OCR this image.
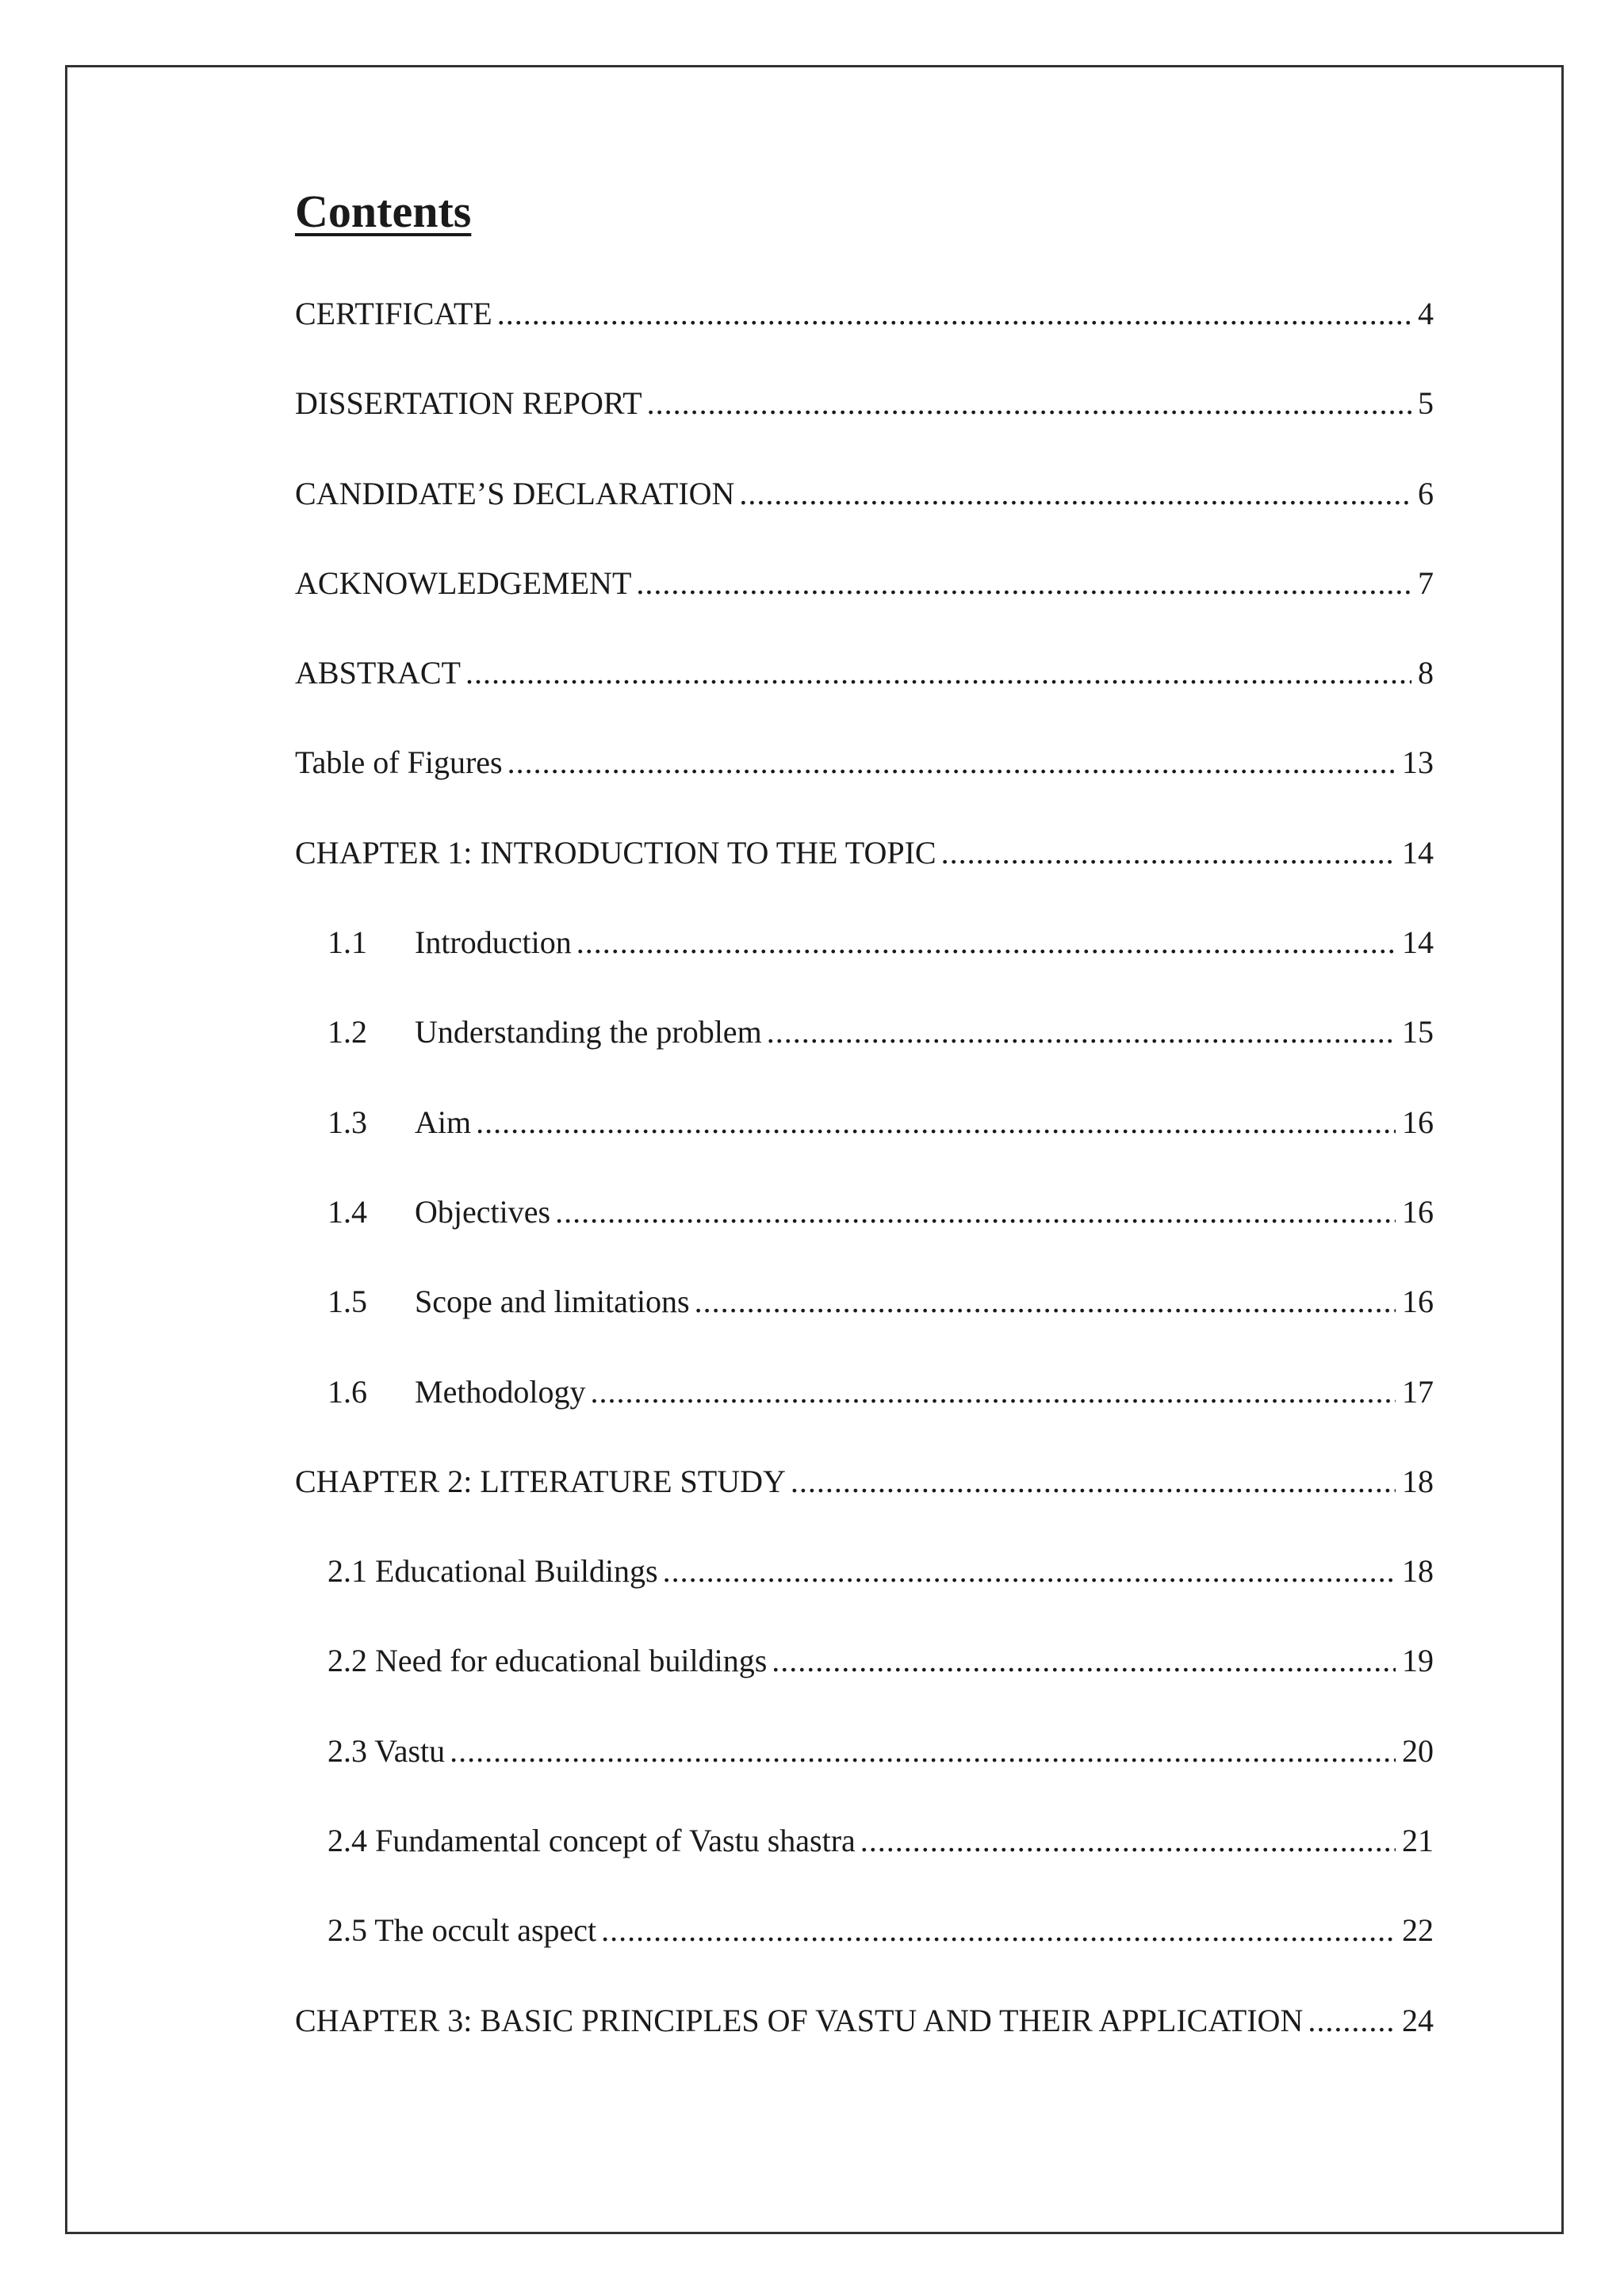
Contents
CERTIFICATE .....	4
DISSERTATION REPORT .....	5
CANDIDATE’S DECLARATION .....	6
ACKNOWLEDGEMENT .....	7
ABSTRACT .....	8
Table of Figures .....	13
CHAPTER 1: INTRODUCTION TO THE TOPIC .....	14
1.1	Introduction .....	14
1.2	Understanding the problem .....	15
1.3	Aim .....	16
1.4	Objectives .....	16
1.5	Scope and limitations .....	16
1.6	Methodology .....	17
CHAPTER 2: LITERATURE STUDY .....	18
2.1 Educational Buildings .....	18
2.2 Need for educational buildings .....	19
2.3 Vastu .....	20
2.4 Fundamental concept of Vastu shastra .....	21
2.5 The occult aspect .....	22
CHAPTER 3: BASIC PRINCIPLES OF VASTU AND THEIR APPLICATION .....	24
